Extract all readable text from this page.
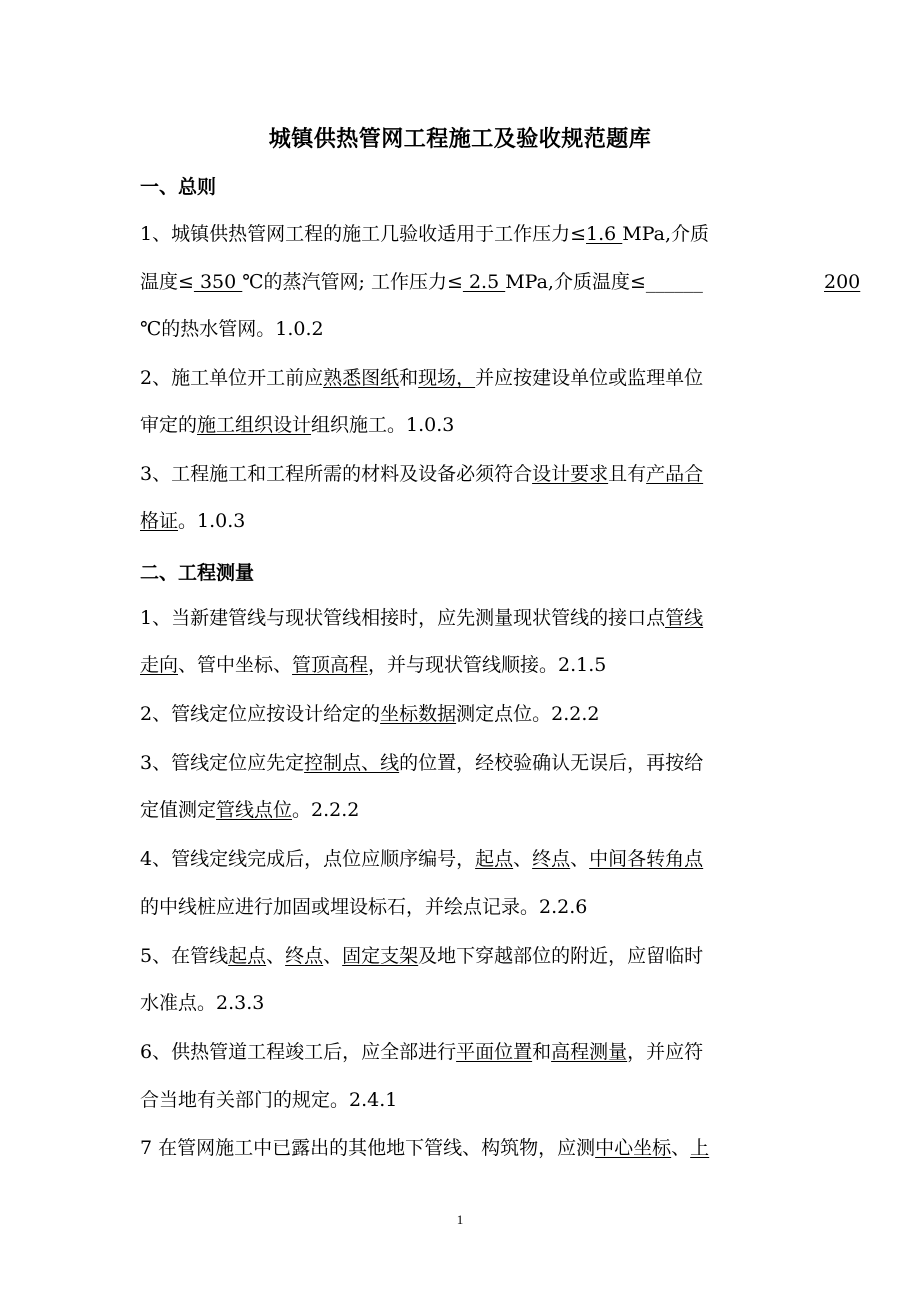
城镇供热管网工程施工及验收规范题库
一、总则
1、城镇供热管网工程的施工几验收适用于工作压力≤1.6 MPa,介质
温度≤ 350 ℃的蒸汽管网; 工作压力≤ 2.5 MPa,介质温度≤______	200
℃的热水管网。1.0.2
2、施工单位开工前应熟悉图纸和现场，并应按建设单位或监理单位
审定的施工组织设计组织施工。1.0.3
3、工程施工和工程所需的材料及设备必须符合设计要求且有产品合
格证。1.0.3
二、工程测量
1、当新建管线与现状管线相接时，应先测量现状管线的接口点管线
走向、管中坐标、管顶高程，并与现状管线顺接。2.1.5
2、管线定位应按设计给定的坐标数据测定点位。2.2.2
3、管线定位应先定控制点、线的位置，经校验确认无误后，再按给
定值测定管线点位。2.2.2
4、管线定线完成后，点位应顺序编号，起点、终点、中间各转角点
的中线桩应进行加固或埋设标石，并绘点记录。2.2.6
5、在管线起点、终点、固定支架及地下穿越部位的附近，应留临时
水准点。2.3.3
6、供热管道工程竣工后，应全部进行平面位置和高程测量，并应符
合当地有关部门的规定。2.4.1
7 在管网施工中已露出的其他地下管线、构筑物，应测中心坐标、上
1
